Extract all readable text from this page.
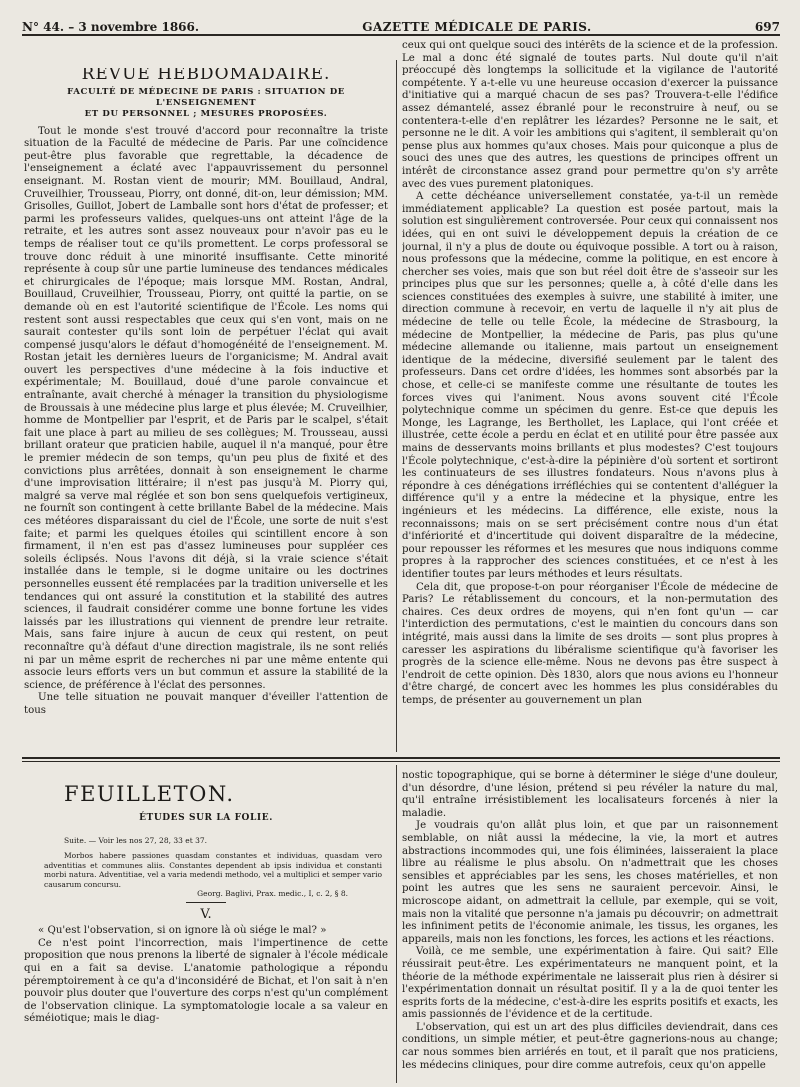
N° 44. – 3 novembre 1866.	GAZETTE MÉDICALE DE PARIS.	697
REVUE HEBDOMADAIRE.
FACULTÉ DE MÉDECINE DE PARIS : SITUATION DE L'ENSEIGNEMENT
ET DU PERSONNEL ; MESURES PROPOSÉES.

Tout le monde s'est trouvé d'accord pour reconnaître la triste situation de la Faculté de médecine de Paris. Par une coïncidence peut-être plus favorable que regrettable, la décadence de l'enseignement a éclaté avec l'appauvrissement du personnel enseignant. M. Rostan vient de mourir; MM. Bouillaud, Andral, Cruveilhier, Trousseau, Piorry, ont donné, dit-on, leur démission; MM. Grisolles, Guillot, Jobert de Lamballe sont hors d'état de professer; et parmi les professeurs valides, quelques-uns ont atteint l'âge de la retraite, et les autres sont assez nouveaux pour n'avoir pas eu le temps de réaliser tout ce qu'ils promettent. Le corps professoral se trouve donc réduit à une minorité insuffisante. Cette minorité représente à coup sûr une partie lumineuse des tendances médicales et chirurgicales de l'époque; mais lorsque MM. Rostan, Andral, Bouillaud, Cruveilhier, Trousseau, Piorry, ont quitté la partie, on se demande où en est l'autorité scientifique de l'École. Les noms qui restent sont aussi respectables que ceux qui s'en vont, mais on ne saurait contester qu'ils sont loin de perpétuer l'éclat qui avait compensé jusqu'alors le défaut d'homogénéité de l'enseignement. M. Rostan jetait les dernières lueurs de l'organicisme; M. Andral avait ouvert les perspectives d'une médecine à la fois inductive et expérimentale; M. Bouillaud, doué d'une parole convaincue et entraînante, avait cherché à ménager la transition du physiologisme de Broussais à une médecine plus large et plus élevée; M. Cruveilhier, homme de Montpellier par l'esprit, et de Paris par le scalpel, s'était fait une place à part au milieu de ses collègues; M. Trousseau, aussi brillant orateur que praticien habile, auquel il n'a manqué, pour être le premier médecin de son temps, qu'un peu plus de fixité et des convictions plus arrêtées, donnait à son enseignement le charme d'une improvisation littéraire; il n'est pas jusqu'à M. Piorry qui, malgré sa verve mal réglée et son bon sens quelquefois vertigineux, ne fournît son contingent à cette brillante Babel de la médecine. Mais ces météores disparaissant du ciel de l'École, une sorte de nuit s'est faite; et parmi les quelques étoiles qui scintillent encore à son firmament, il n'en est pas d'assez lumineuses pour suppléer ces soleils éclipsés. Nous l'avons dit déjà, si la vraie science s'était installée dans le temple, si le dogme unitaire ou les doctrines personnelles eussent été remplacées par la tradition universelle et les tendances qui ont assuré la constitution et la stabilité des autres sciences, il faudrait considérer comme une bonne fortune les vides laissés par les illustrations qui viennent de prendre leur retraite. Mais, sans faire injure à aucun de ceux qui restent, on peut reconnaître qu'à défaut d'une direction magistrale, ils ne sont reliés ni par un même esprit de recherches ni par une même entente qui associe leurs efforts vers un but commun et assure la stabilité de la science, de préférence à l'éclat des personnes.

Une telle situation ne pouvait manquer d'éveiller l'attention de tous

ceux qui ont quelque souci des intérêts de la science et de la profession. Le mal a donc été signalé de toutes parts. Nul doute qu'il n'ait préoccupé dès longtemps la sollicitude et la vigilance de l'autorité compétente. Y a-t-elle vu une heureuse occasion d'exercer la puissance d'initiative qui a marqué chacun de ses pas? Trouvera-t-elle l'édifice assez démantelé, assez ébranlé pour le reconstruire à neuf, ou se contentera-t-elle d'en replâtrer les lézardes? Personne ne le sait, et personne ne le dit. A voir les ambitions qui s'agitent, il semblerait qu'on pense plus aux hommes qu'aux choses. Mais pour quiconque a plus de souci des unes que des autres, les questions de principes offrent un intérêt de circonstance assez grand pour permettre qu'on s'y arrête avec des vues purement platoniques.

A cette déchéance universellement constatée, ya-t-il un remède immédiatement applicable? La question est posée partout, mais la solution est singulièrement controversée. Pour ceux qui connaissent nos idées, qui en ont suivi le développement depuis la création de ce journal, il n'y a plus de doute ou équivoque possible. A tort ou à raison, nous professons que la médecine, comme la politique, en est encore à chercher ses voies, mais que son but réel doit être de s'asseoir sur les principes plus que sur les personnes; quelle a, à côté d'elle dans les sciences constituées des exemples à suivre, une stabilité à imiter, une direction commune à recevoir, en vertu de laquelle il n'y ait plus de médecine de telle ou telle École, la médecine de Strasbourg, la médecine de Montpellier, la médecine de Paris, pas plus qu'une médecine allemande ou italienne, mais partout un enseignement identique de la médecine, diversifié seulement par le talent des professeurs. Dans cet ordre d'idées, les hommes sont absorbés par la chose, et celle-ci se manifeste comme une résultante de toutes les forces vives qui l'animent. Nous avons souvent cité l'École polytechnique comme un spécimen du genre. Est-ce que depuis les Monge, les Lagrange, les Berthollet, les Laplace, qui l'ont créée et illustrée, cette école a perdu en éclat et en utilité pour être passée aux mains de desservants moins brillants et plus modestes? C'est toujours l'École polytechnique, c'est-à-dire la pépinière d'où sortent et sortiront les continuateurs de ses illustres fondateurs. Nous n'avons plus à répondre à ces dénégations irréfléchies qui se contentent d'alléguer la différence qu'il y a entre la médecine et la physique, entre les ingénieurs et les médecins. La différence, elle existe, nous la reconnaissons; mais on se sert précisément contre nous d'un état d'infériorité et d'incertitude qui doivent disparaître de la médecine, pour repousser les réformes et les mesures que nous indiquons comme propres à la rapprocher des sciences constituées, et ce n'est à les identifier toutes par leurs méthodes et leurs résultats.

Cela dit, que propose-t-on pour réorganiser l'École de médecine de Paris? Le rétablissement du concours, et la non-permutation des chaires. Ces deux ordres de moyens, qui n'en font qu'un — car l'interdiction des permutations, c'est le maintien du concours dans son intégrité, mais aussi dans la limite de ses droits — sont plus propres à caresser les aspirations du libéralisme scientifique qu'à favoriser les progrès de la science elle-même. Nous ne devons pas être suspect à l'endroit de cette opinion. Dès 1830, alors que nous avions eu l'honneur d'être chargé, de concert avec les hommes les plus considérables du temps, de présenter au gouvernement un plan

FEUILLETON.
ÉTUDES SUR LA FOLIE.
Suite. — Voir les nos 27, 28, 33 et 37.
Morbos habere passiones quasdam constantes et individuas, quasdam vero adventitias et communes aliis. Constantes dependent ab ipsis individua et constanti morbi natura. Adventitiae, vel a varia medendi methodo, vel a multiplici et semper vario causarum concursu.
Georg. Baglivi, Prax. medic., I, c. 2, § 8.
V.

« Qu'est l'observation, si on ignore là où siége le mal? »

Ce n'est point l'incorrection, mais l'impertinence de cette proposition que nous prenons la liberté de signaler à l'école médicale qui en a fait sa devise. L'anatomie pathologique a répondu péremptoirement à ce qu'a d'inconsidéré de Bichat, et l'on sait à n'en pouvoir plus douter que l'ouverture des corps n'est qu'un complément de l'observation clinique. La symptomatologie locale a sa valeur en séméiotique; mais le diag-

nostic topographique, qui se borne à déterminer le siége d'une douleur, d'un désordre, d'une lésion, prétend si peu révéler la nature du mal, qu'il entraîne irrésistiblement les localisateurs forcenés à nier la maladie.

Je voudrais qu'on allât plus loin, et que par un raisonnement semblable, on niât aussi la médecine, la vie, la mort et autres abstractions incommodes qui, une fois éliminées, laisseraient la place libre au réalisme le plus absolu. On n'admettrait que les choses sensibles et appréciables par les sens, les choses matérielles, et non point les autres que les sens ne sauraient percevoir. Ainsi, le microscope aidant, on admettrait la cellule, par exemple, qui se voit, mais non la vitalité que personne n'a jamais pu découvrir; on admettrait les infiniment petits de l'économie animale, les tissus, les organes, les appareils, mais non les fonctions, les forces, les actions et les réactions.

Voilà, ce me semble, une expérimentation à faire. Qui sait? Elle réussirait peut-être. Les expérimentateurs ne manquent point, et la théorie de la méthode expérimentale ne laisserait plus rien à désirer si l'expérimentation donnait un résultat positif. Il y a la de quoi tenter les esprits forts de la médecine, c'est-à-dire les esprits positifs et exacts, les amis passionnés de l'évidence et de la certitude.

L'observation, qui est un art des plus difficiles deviendrait, dans ces conditions, un simple métier, et peut-être gagnerions-nous au change; car nous sommes bien arriérés en tout, et il paraît que nos praticiens, les médecins cliniques, pour dire comme autrefois, ceux qu'on appelle
